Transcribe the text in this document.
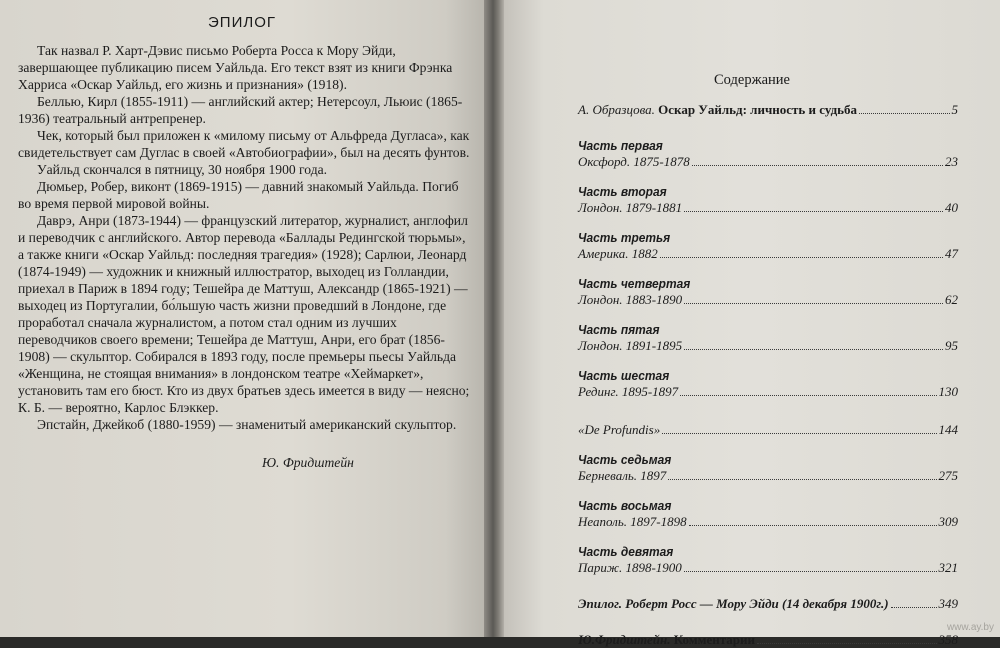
ЭПИЛОГ

Так назвал Р. Харт-Дэвис письмо Роберта Росса к Мору Эйди, завершающее публикацию писем Уайльда. Его текст взят из книги Фрэнка Харриса «Оскар Уайльд, его жизнь и признания» (1918).

Беллью, Кирл (1855-1911) — английский актер; Нетерсоул, Льюис (1865-1936) театральный антрепренер.

Чек, который был приложен к «милому письму от Альфреда Дугласа», как свидетельствует сам Дуглас в своей «Автобиографии», был на десять фунтов.

Уайльд скончался в пятницу, 30 ноября 1900 года.

Дюмьер, Робер, виконт (1869-1915) — давний знакомый Уайльда. Погиб во время первой мировой войны.

Даврэ, Анри (1873-1944) — французский литератор, журналист, англофил и переводчик с английского. Автор перевода «Баллады Редингской тюрьмы», а также книги «Оскар Уайльд: последняя трагедия» (1928); Сарлюи, Леонард (1874-1949) — художник и книжный иллюстратор, выходец из Голландии, приехал в Париж в 1894 году; Тешейра де Маттуш, Александр (1865-1921) — выходец из Португалии, бо́льшую часть жизни проведший в Лондоне, где проработал сначала журналистом, а потом стал одним из лучших переводчиков своего времени; Тешейра де Маттуш, Анри, его брат (1856-1908) — скульптор. Собирался в 1893 году, после премьеры пьесы Уайльда «Женщина, не стоящая внимания» в лондонском театре «Хеймаркет», установить там его бюст. Кто из двух братьев здесь имеется в виду — неясно; К. Б. — вероятно, Карлос Блэккер.

Эпстайн, Джейкоб (1880-1959) — знаменитый американский скульптор.

Ю. Фридштейн
Содержание
А. Образцова. Оскар Уайльд: личность и судьба	5
Часть первая
Оксфорд. 1875-1878	23
Часть вторая
Лондон. 1879-1881	40
Часть третья
Америка. 1882	47
Часть четвертая
Лондон. 1883-1890	62
Часть пятая
Лондон. 1891-1895	95
Часть шестая
Рединг. 1895-1897	130
«De Profundis»	144
Часть седьмая
Берневаль. 1897	275
Часть восьмая
Неаполь. 1897-1898	309
Часть девятая
Париж. 1898-1900	321
Эпилог. Роберт Росс — Мору Эйди (14 декабря 1900г.)	349
Ю.Фридштейн. Комментарии	358
www.ay.by
